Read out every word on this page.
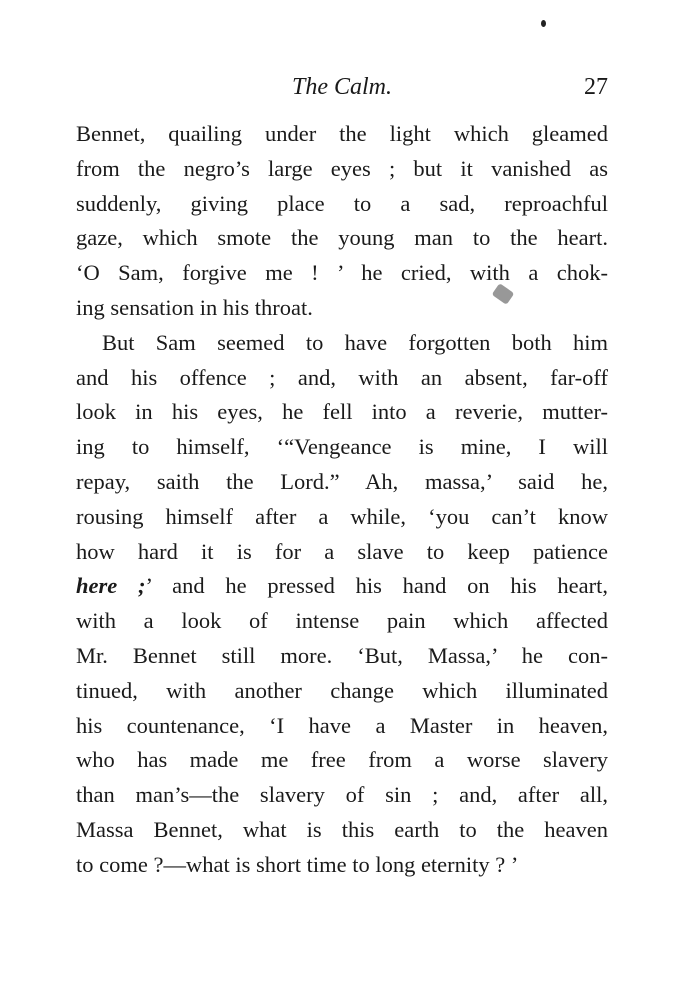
The Calm.	27
Bennet, quailing under the light which gleamed
from the negro’s large eyes ; but it vanished as
suddenly, giving place to a sad, reproachful
gaze, which smote the young man to the heart.
‘O Sam, forgive me ! ’ he cried, with a chok-
ing sensation in his throat.
But Sam seemed to have forgotten both him
and his offence ; and, with an absent, far-off
look in his eyes, he fell into a reverie, mutter-
ing to himself, ‘“Vengeance is mine, I will
repay, saith the Lord.” Ah, massa,’ said he,
rousing himself after a while, ‘you can’t know
how hard it is for a slave to keep patience
here ;’ and he pressed his hand on his heart,
with a look of intense pain which affected
Mr. Bennet still more. ‘But, Massa,’ he con-
tinued, with another change which illuminated
his countenance, ‘I have a Master in heaven,
who has made me free from a worse slavery
than man’s—the slavery of sin ; and, after all,
Massa Bennet, what is this earth to the heaven
to come ?—what is short time to long eternity ? ’
